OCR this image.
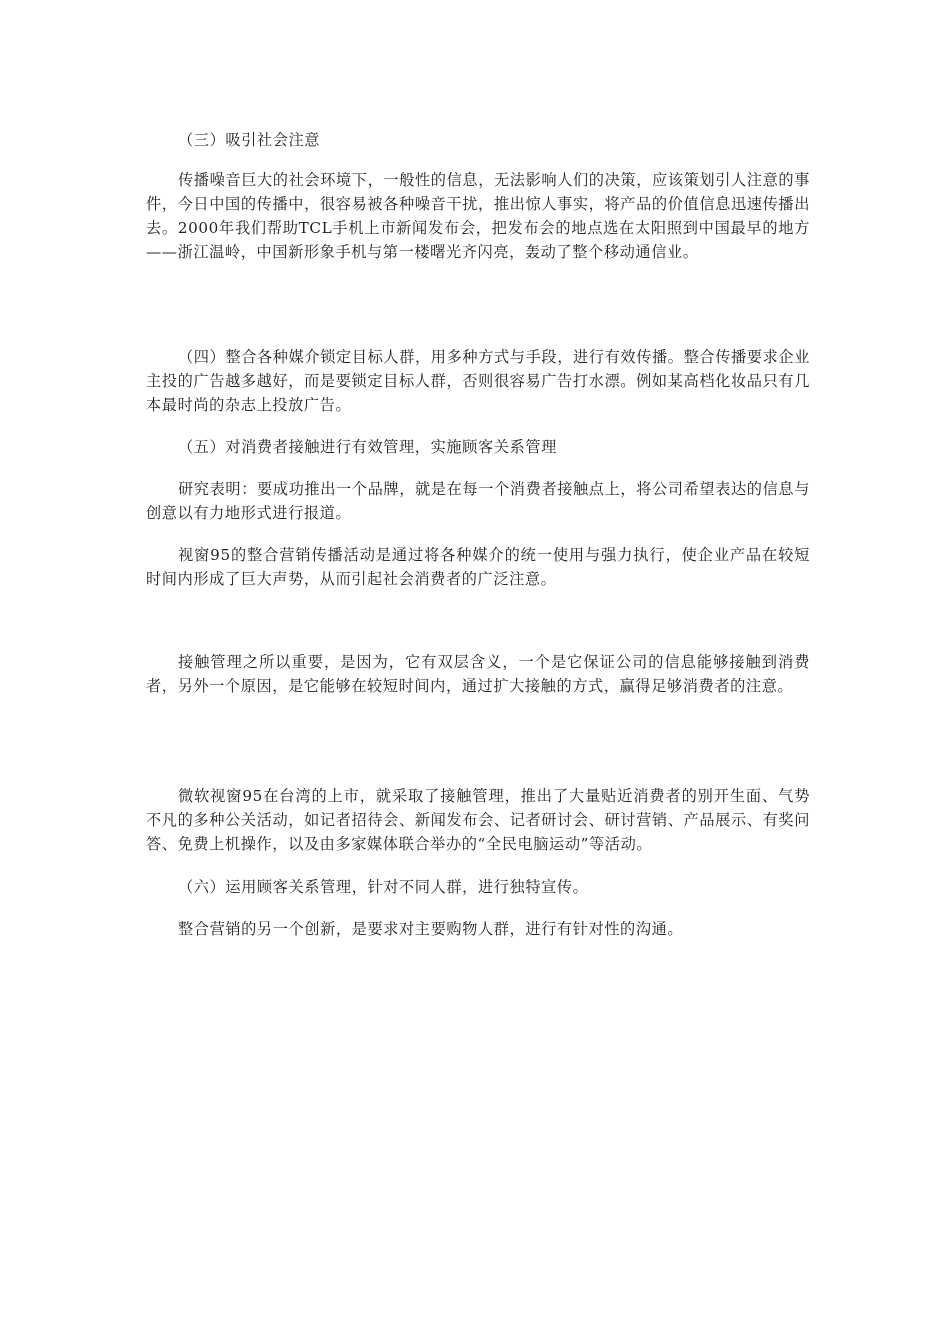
（三）吸引社会注意

传播噪音巨大的社会环境下，一般性的信息，无法影响人们的决策，应该策划引人注意的事件，今日中国的传播中，很容易被各种噪音干扰，推出惊人事实，将产品的价值信息迅速传播出去。2000年我们帮助TCL手机上市新闻发布会，把发布会的地点选在太阳照到中国最早的地方——浙江温岭，中国新形象手机与第一楼曙光齐闪亮，轰动了整个移动通信业。

（四）整合各种媒介锁定目标人群，用多种方式与手段，进行有效传播。整合传播要求企业主投的广告越多越好，而是要锁定目标人群，否则很容易广告打水漂。例如某高档化妆品只有几本最时尚的杂志上投放广告。

（五）对消费者接触进行有效管理，实施顾客关系管理

研究表明：要成功推出一个品牌，就是在每一个消费者接触点上，将公司希望表达的信息与创意以有力地形式进行报道。

视窗95的整合营销传播活动是通过将各种媒介的统一使用与强力执行，使企业产品在较短时间内形成了巨大声势，从而引起社会消费者的广泛注意。

接触管理之所以重要，是因为，它有双层含义，一个是它保证公司的信息能够接触到消费者，另外一个原因，是它能够在较短时间内，通过扩大接触的方式，赢得足够消费者的注意。

微软视窗95在台湾的上市，就采取了接触管理，推出了大量贴近消费者的别开生面、气势不凡的多种公关活动，如记者招待会、新闻发布会、记者研讨会、研讨营销、产品展示、有奖问答、免费上机操作，以及由多家媒体联合举办的“全民电脑运动”等活动。

（六）运用顾客关系管理，针对不同人群，进行独特宣传。

整合营销的另一个创新，是要求对主要购物人群，进行有针对性的沟通。
